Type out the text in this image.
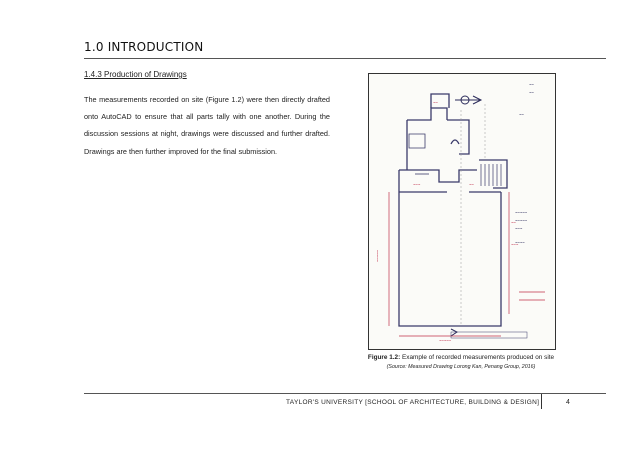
1.0 INTRODUCTION
1.4.3 Production of Drawings
The measurements recorded on site (Figure 1.2) were then directly drafted onto AutoCAD to ensure that all parts tally with one another. During the discussion sessions at night, drawings were discussed and further drafted. Drawings are then further improved for the final submission.
~~~~~
~~
~~~	~~
~~~~~
~~
~~~
~~~~~
~~~~~
~~~
~~~~
~~
~~
~~
Figure 1.2: Example of recorded measurements produced on site
(Source: Measured Drawing Lorong Kan, Penang Group, 2016)
TAYLOR'S UNIVERSITY [SCHOOL OF ARCHITECTURE, BUILDING & DESIGN]	4
